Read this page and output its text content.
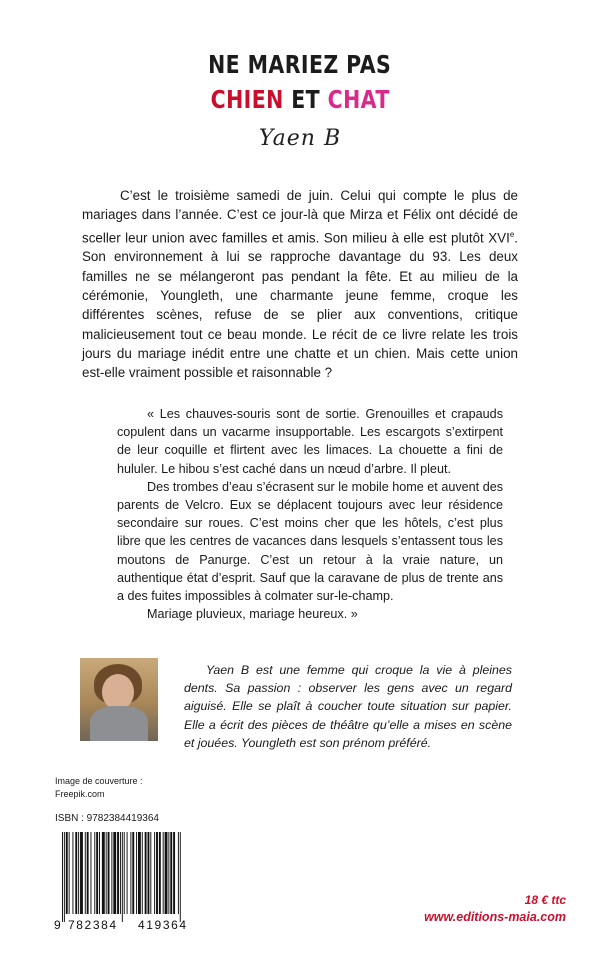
NE MARIEZ PAS
CHIEN ET CHAT
Yaen B
C’est le troisième samedi de juin. Celui qui compte le plus de mariages dans l’année. C’est ce jour-là que Mirza et Félix ont décidé de sceller leur union avec familles et amis. Son milieu à elle est plutôt XVIe. Son environnement à lui se rapproche davantage du 93. Les deux familles ne se mélangeront pas pendant la fête. Et au milieu de la cérémonie, Youngleth, une charmante jeune femme, croque les différentes scènes, refuse de se plier aux conventions, critique malicieusement tout ce beau monde. Le récit de ce livre relate les trois jours du mariage inédit entre une chatte et un chien. Mais cette union est-elle vraiment possible et raisonnable ?

« Les chauves-souris sont de sortie. Grenouilles et crapauds copulent dans un vacarme insupportable. Les escargots s’extirpent de leur coquille et flirtent avec les limaces. La chouette a fini de hululer. Le hibou s’est caché dans un nœud d’arbre. Il pleut.

Des trombes d’eau s’écrasent sur le mobile home et auvent des parents de Velcro. Eux se déplacent toujours avec leur résidence secondaire sur roues. C’est moins cher que les hôtels, c’est plus libre que les centres de vacances dans lesquels s’entassent tous les moutons de Panurge. C’est un retour à la vraie nature, un authentique état d’esprit. Sauf que la caravane de plus de trente ans a des fuites impossibles à colmater sur-le-champ.

Mariage pluvieux, mariage heureux. »

Yaen B est une femme qui croque la vie à pleines dents. Sa passion : observer les gens avec un regard aiguisé. Elle se plaît à coucher toute situation sur papier. Elle a écrit des pièces de théâtre qu’elle a mises en scène et jouées. Youngleth est son prénom préféré.
Image de couverture :
Freepik.com
ISBN : 9782384419364
9 782384 419364
18 € ttc
www.editions-maia.com
